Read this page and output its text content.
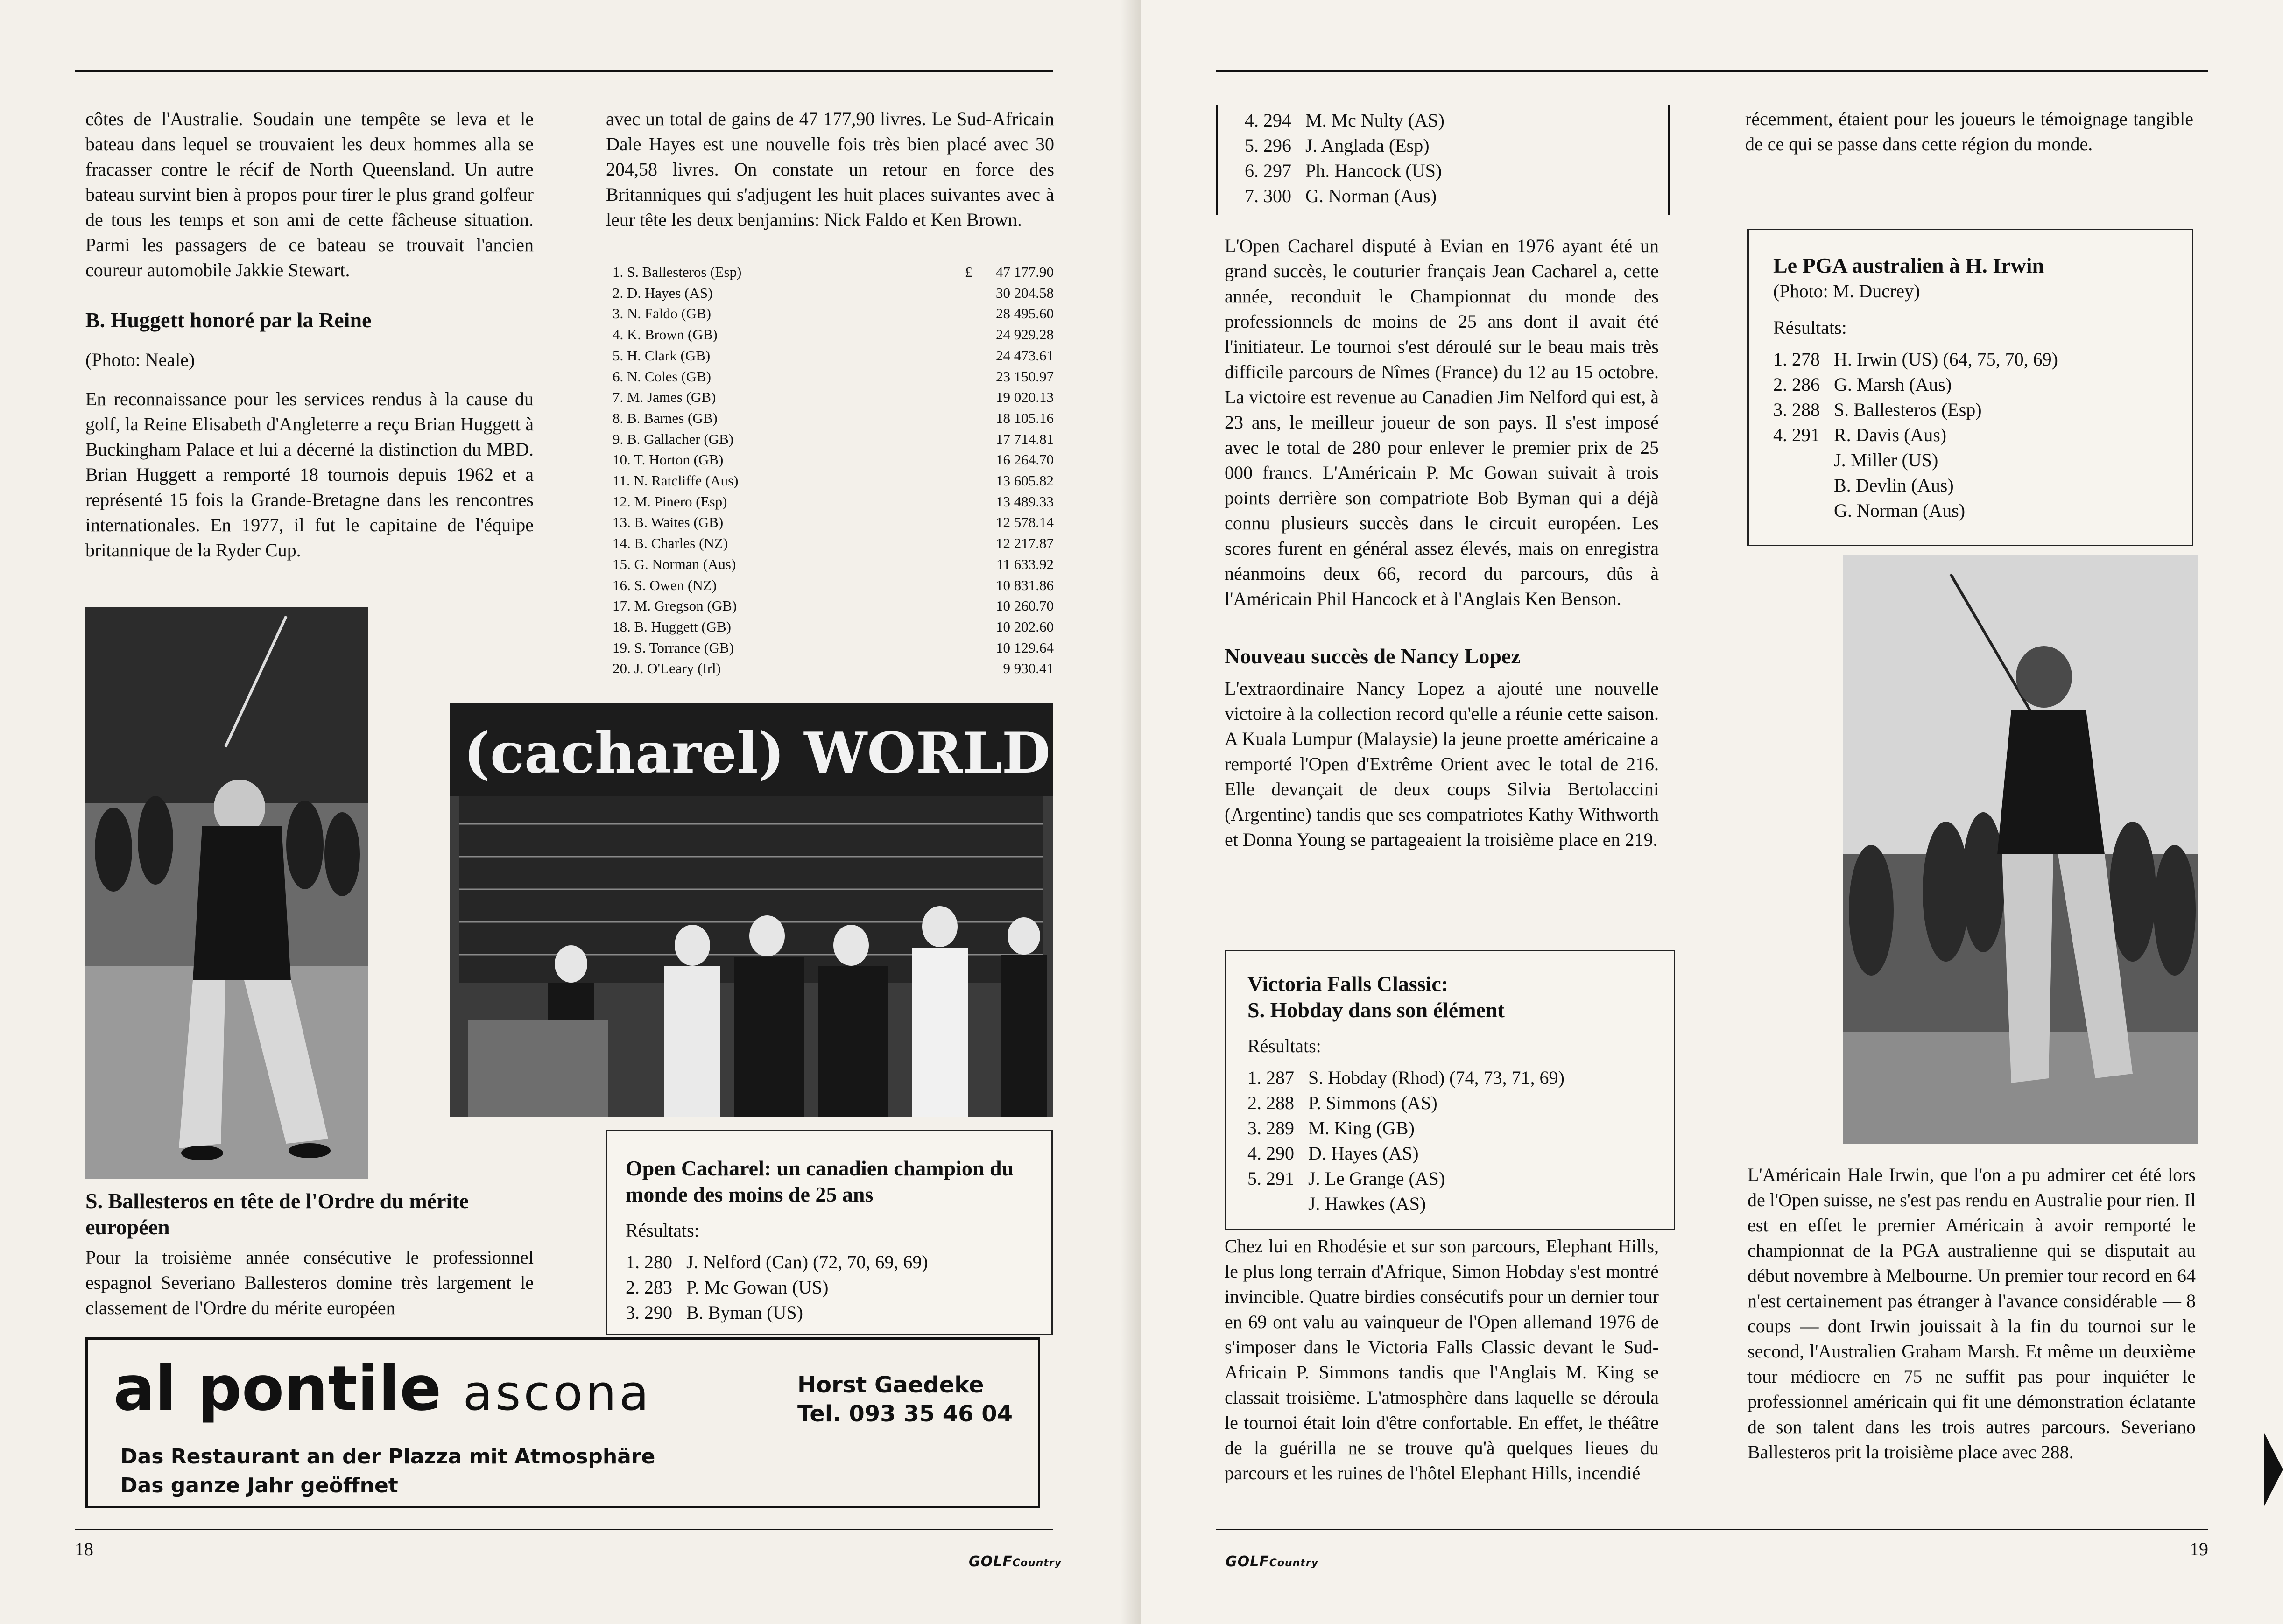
côtes de l'Australie. Soudain une tempête se leva et le bateau dans lequel se trouvaient les deux hommes alla se fracasser contre le récif de North Queensland. Un autre bateau survint bien à propos pour tirer le plus grand golfeur de tous les temps et son ami de cette fâcheuse situation. Parmi les passagers de ce bateau se trouvait l'ancien coureur automobile Jakkie Stewart.

B. Huggett honoré par la Reine

(Photo: Neale)

En reconnaissance pour les services rendus à la cause du golf, la Reine Elisabeth d'Angleterre a reçu Brian Huggett à Buckingham Palace et lui a décerné la distinction du MBD. Brian Huggett a remporté 18 tournois depuis 1962 et a représenté 15 fois la Grande-Bretagne dans les rencontres internationales. En 1977, il fut le capitaine de l'équipe britannique de la Ryder Cup.

S. Ballesteros en tête de l'Ordre du mérite européen

Pour la troisième année consécutive le professionnel espagnol Severiano Ballesteros domine très largement le classement de l'Ordre du mérite européen

avec un total de gains de 47 177,90 livres. Le Sud-Africain Dale Hayes est une nouvelle fois très bien placé avec 30 204,58 livres. On constate un retour en force des Britanniques qui s'adjugent les huit places suivantes avec à leur tête les deux benjamins: Nick Faldo et Ken Brown.

£
1. S. Ballesteros (Esp)	47 177.90
2. D. Hayes (AS)	30 204.58
3. N. Faldo (GB)	28 495.60
4. K. Brown (GB)	24 929.28
5. H. Clark (GB)	24 473.61
6. N. Coles (GB)	23 150.97
7. M. James (GB)	19 020.13
8. B. Barnes (GB)	18 105.16
9. B. Gallacher (GB)	17 714.81
10. T. Horton (GB)	16 264.70
11. N. Ratcliffe (Aus)	13 605.82
12. M. Pinero (Esp)	13 489.33
13. B. Waites (GB)	12 578.14
14. B. Charles (NZ)	12 217.87
15. G. Norman (Aus)	11 633.92
16. S. Owen (NZ)	10 831.86
17. M. Gregson (GB)	10 260.70
18. B. Huggett (GB)	10 202.60
19. S. Torrance (GB)	10 129.64
20. J. O'Leary (Irl)	9 930.41
(cacharel) WORLD

Open Cacharel: un canadien champion du monde des moins de 25 ans

Résultats:

1. 280 J. Nelford (Can) (72, 70, 69, 69)
2. 283 P. Mc Gowan (US)
3. 290 B. Byman (US)
al pontile ascona	Horst Gaedeke
Tel. 093 35 46 04
Das Restaurant an der Plazza mit Atmosphäre
Das ganze Jahr geöffnet
18
GOLFCountry
4. 294 M. Mc Nulty (AS)
5. 296 J. Anglada (Esp)
6. 297 Ph. Hancock (US)
7. 300 G. Norman (Aus)

L'Open Cacharel disputé à Evian en 1976 ayant été un grand succès, le couturier français Jean Cacharel a, cette année, reconduit le Championnat du monde des professionnels de moins de 25 ans dont il avait été l'initiateur. Le tournoi s'est déroulé sur le beau mais très difficile parcours de Nîmes (France) du 12 au 15 octobre. La victoire est revenue au Canadien Jim Nelford qui est, à 23 ans, le meilleur joueur de son pays. Il s'est imposé avec le total de 280 pour enlever le premier prix de 25 000 francs. L'Américain P. Mc Gowan suivait à trois points derrière son compatriote Bob Byman qui a déjà connu plusieurs succès dans le circuit européen. Les scores furent en général assez élevés, mais on enregistra néanmoins deux 66, record du parcours, dûs à l'Américain Phil Hancock et à l'Anglais Ken Benson.

Nouveau succès de Nancy Lopez

L'extraordinaire Nancy Lopez a ajouté une nouvelle victoire à la collection record qu'elle a réunie cette saison. A Kuala Lumpur (Malaysie) la jeune proette américaine a remporté l'Open d'Extrême Orient avec le total de 216. Elle devançait de deux coups Silvia Bertolaccini (Argentine) tandis que ses compatriotes Kathy Withworth et Donna Young se partageaient la troisième place en 219.

Victoria Falls Classic:

S. Hobday dans son élément

Résultats:

1. 287 S. Hobday (Rhod) (74, 73, 71, 69)
2. 288 P. Simmons (AS)
3. 289 M. King (GB)
4. 290 D. Hayes (AS)
5. 291 J. Le Grange (AS)
J. Hawkes (AS)

Chez lui en Rhodésie et sur son parcours, Elephant Hills, le plus long terrain d'Afrique, Simon Hobday s'est montré invincible. Quatre birdies consécutifs pour un dernier tour en 69 ont valu au vainqueur de l'Open allemand 1976 de s'imposer dans le Victoria Falls Classic devant le Sud-Africain P. Simmons tandis que l'Anglais M. King se classait troisième. L'atmosphère dans laquelle se déroula le tournoi était loin d'être confortable. En effet, le théâtre de la guérilla ne se trouve qu'à quelques lieues du parcours et les ruines de l'hôtel Elephant Hills, incendié

récemment, étaient pour les joueurs le témoignage tangible de ce qui se passe dans cette région du monde.

Le PGA australien à H. Irwin

(Photo: M. Ducrey)

Résultats:

1. 278 H. Irwin (US) (64, 75, 70, 69)
2. 286 G. Marsh (Aus)
3. 288 S. Ballesteros (Esp)
4. 291 R. Davis (Aus)
J. Miller (US)
B. Devlin (Aus)
G. Norman (Aus)

L'Américain Hale Irwin, que l'on a pu admirer cet été lors de l'Open suisse, ne s'est pas rendu en Australie pour rien. Il est en effet le premier Américain à avoir remporté le championnat de la PGA australienne qui se disputait au début novembre à Melbourne. Un premier tour record en 64 n'est certainement pas étranger à l'avance considérable — 8 coups — dont Irwin jouissait à la fin du tournoi sur le second, l'Australien Graham Marsh. Et même un deuxième tour médiocre en 75 ne suffit pas pour inquiéter le professionnel américain qui fit une démonstration éclatante de son talent dans les trois autres parcours. Severiano Ballesteros prit la troisième place avec 288.

GOLFCountry
19
